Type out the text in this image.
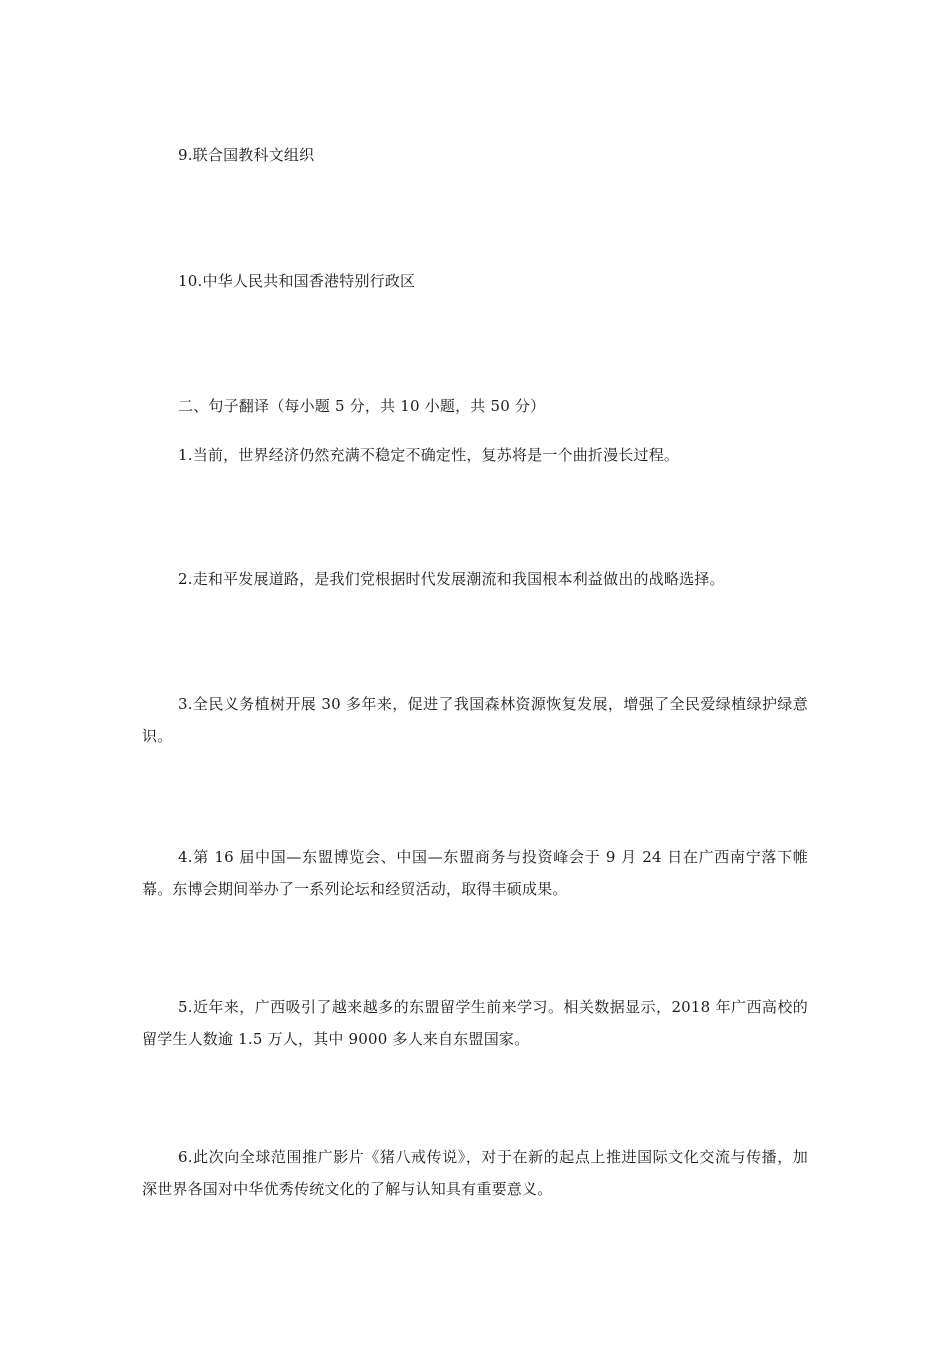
9.联合国教科文组织
10.中华人民共和国香港特别行政区
二、句子翻译（每小题 5 分，共 10 小题，共 50 分）
1.当前，世界经济仍然充满不稳定不确定性，复苏将是一个曲折漫长过程。
2.走和平发展道路，是我们党根据时代发展潮流和我国根本利益做出的战略选择。
3.全民义务植树开展 30 多年来，促进了我国森林资源恢复发展，增强了全民爱绿植绿护绿意识。
4.第 16 届中国—东盟博览会、中国—东盟商务与投资峰会于 9 月 24 日在广西南宁落下帷幕。东博会期间举办了一系列论坛和经贸活动，取得丰硕成果。
5.近年来，广西吸引了越来越多的东盟留学生前来学习。相关数据显示，2018 年广西高校的留学生人数逾 1.5 万人，其中 9000 多人来自东盟国家。
6.此次向全球范围推广影片《猪八戒传说》，对于在新的起点上推进国际文化交流与传播，加深世界各国对中华优秀传统文化的了解与认知具有重要意义。
